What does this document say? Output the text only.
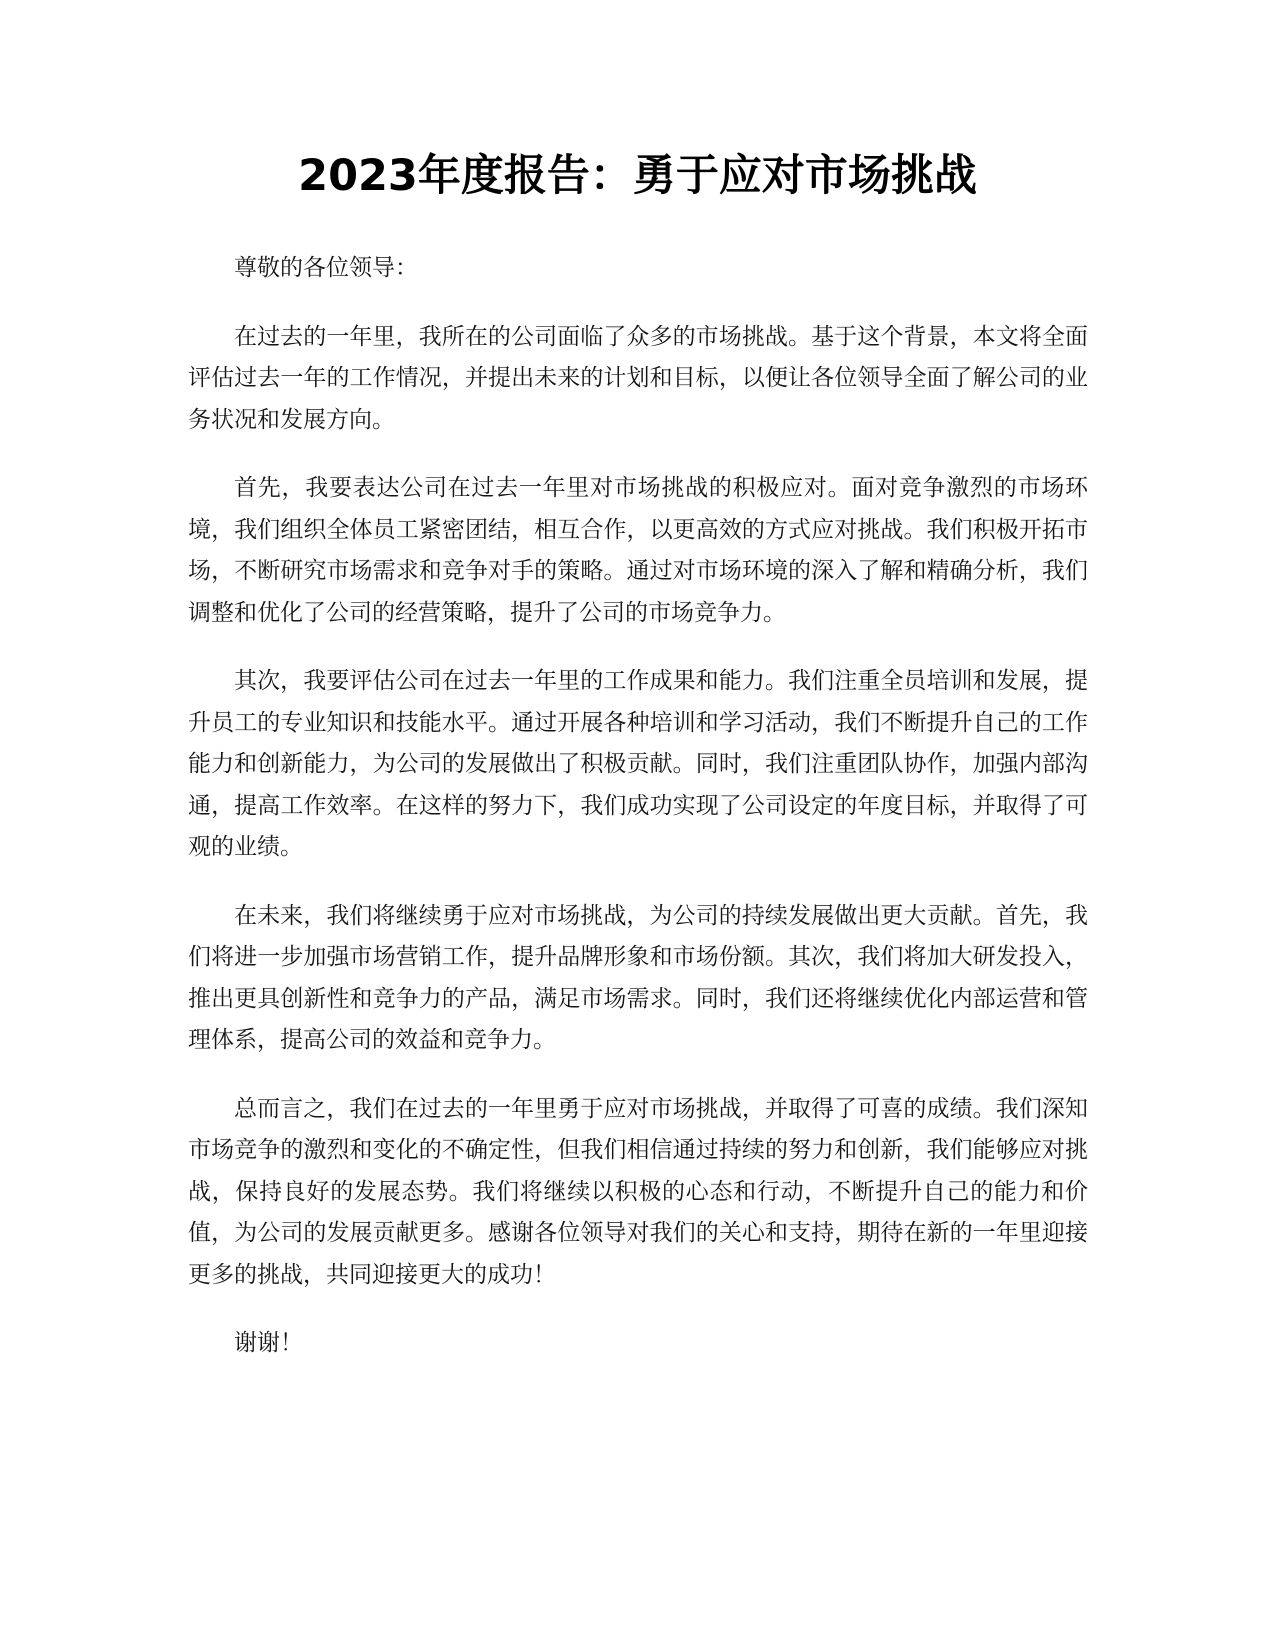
2023年度报告：勇于应对市场挑战

尊敬的各位领导：

在过去的一年里，我所在的公司面临了众多的市场挑战。基于这个背景，本文将全面评估过去一年的工作情况，并提出未来的计划和目标，以便让各位领导全面了解公司的业务状况和发展方向。

首先，我要表达公司在过去一年里对市场挑战的积极应对。面对竞争激烈的市场环境，我们组织全体员工紧密团结，相互合作，以更高效的方式应对挑战。我们积极开拓市场，不断研究市场需求和竞争对手的策略。通过对市场环境的深入了解和精确分析，我们调整和优化了公司的经营策略，提升了公司的市场竞争力。

其次，我要评估公司在过去一年里的工作成果和能力。我们注重全员培训和发展，提升员工的专业知识和技能水平。通过开展各种培训和学习活动，我们不断提升自己的工作能力和创新能力，为公司的发展做出了积极贡献。同时，我们注重团队协作，加强内部沟通，提高工作效率。在这样的努力下，我们成功实现了公司设定的年度目标，并取得了可观的业绩。

在未来，我们将继续勇于应对市场挑战，为公司的持续发展做出更大贡献。首先，我们将进一步加强市场营销工作，提升品牌形象和市场份额。其次，我们将加大研发投入，推出更具创新性和竞争力的产品，满足市场需求。同时，我们还将继续优化内部运营和管理体系，提高公司的效益和竞争力。

总而言之，我们在过去的一年里勇于应对市场挑战，并取得了可喜的成绩。我们深知市场竞争的激烈和变化的不确定性，但我们相信通过持续的努力和创新，我们能够应对挑战，保持良好的发展态势。我们将继续以积极的心态和行动，不断提升自己的能力和价值，为公司的发展贡献更多。感谢各位领导对我们的关心和支持，期待在新的一年里迎接更多的挑战，共同迎接更大的成功！

谢谢！
